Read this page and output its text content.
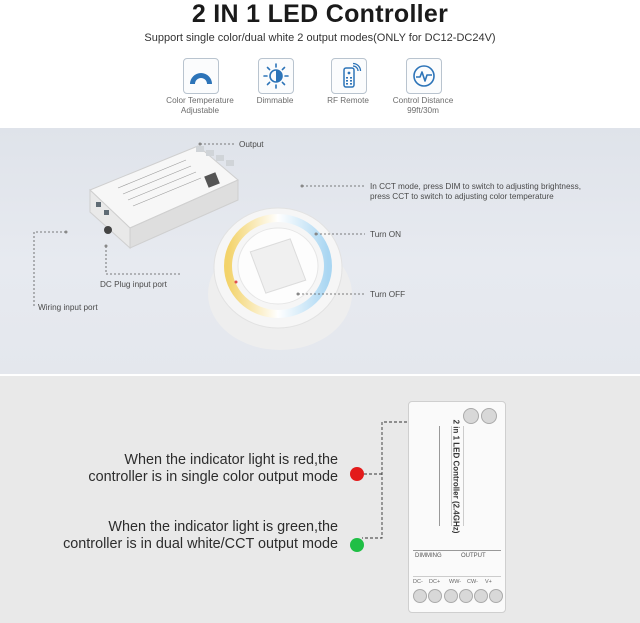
2 IN 1 LED Controller
Support single color/dual white 2 output modes(ONLY for DC12-DC24V)
Color Temperature
Adjustable
Dimmable	RF Remote	Control Distance
99ft/30m
Output
In CCT mode, press DIM to switch to adjusting brightness,
press CCT to switch to adjusting color temperature
Turn ON
Turn OFF
DC Plug input port
Wiring input port
When the indicator light is red,the
controller is in single color output mode
When the indicator light is green,the
controller is in dual white/CCT output mode
2 in 1 LED Controller (2.4GHz)
DIMMING	OUTPUT
DC- DC+ WW- CW- V+
